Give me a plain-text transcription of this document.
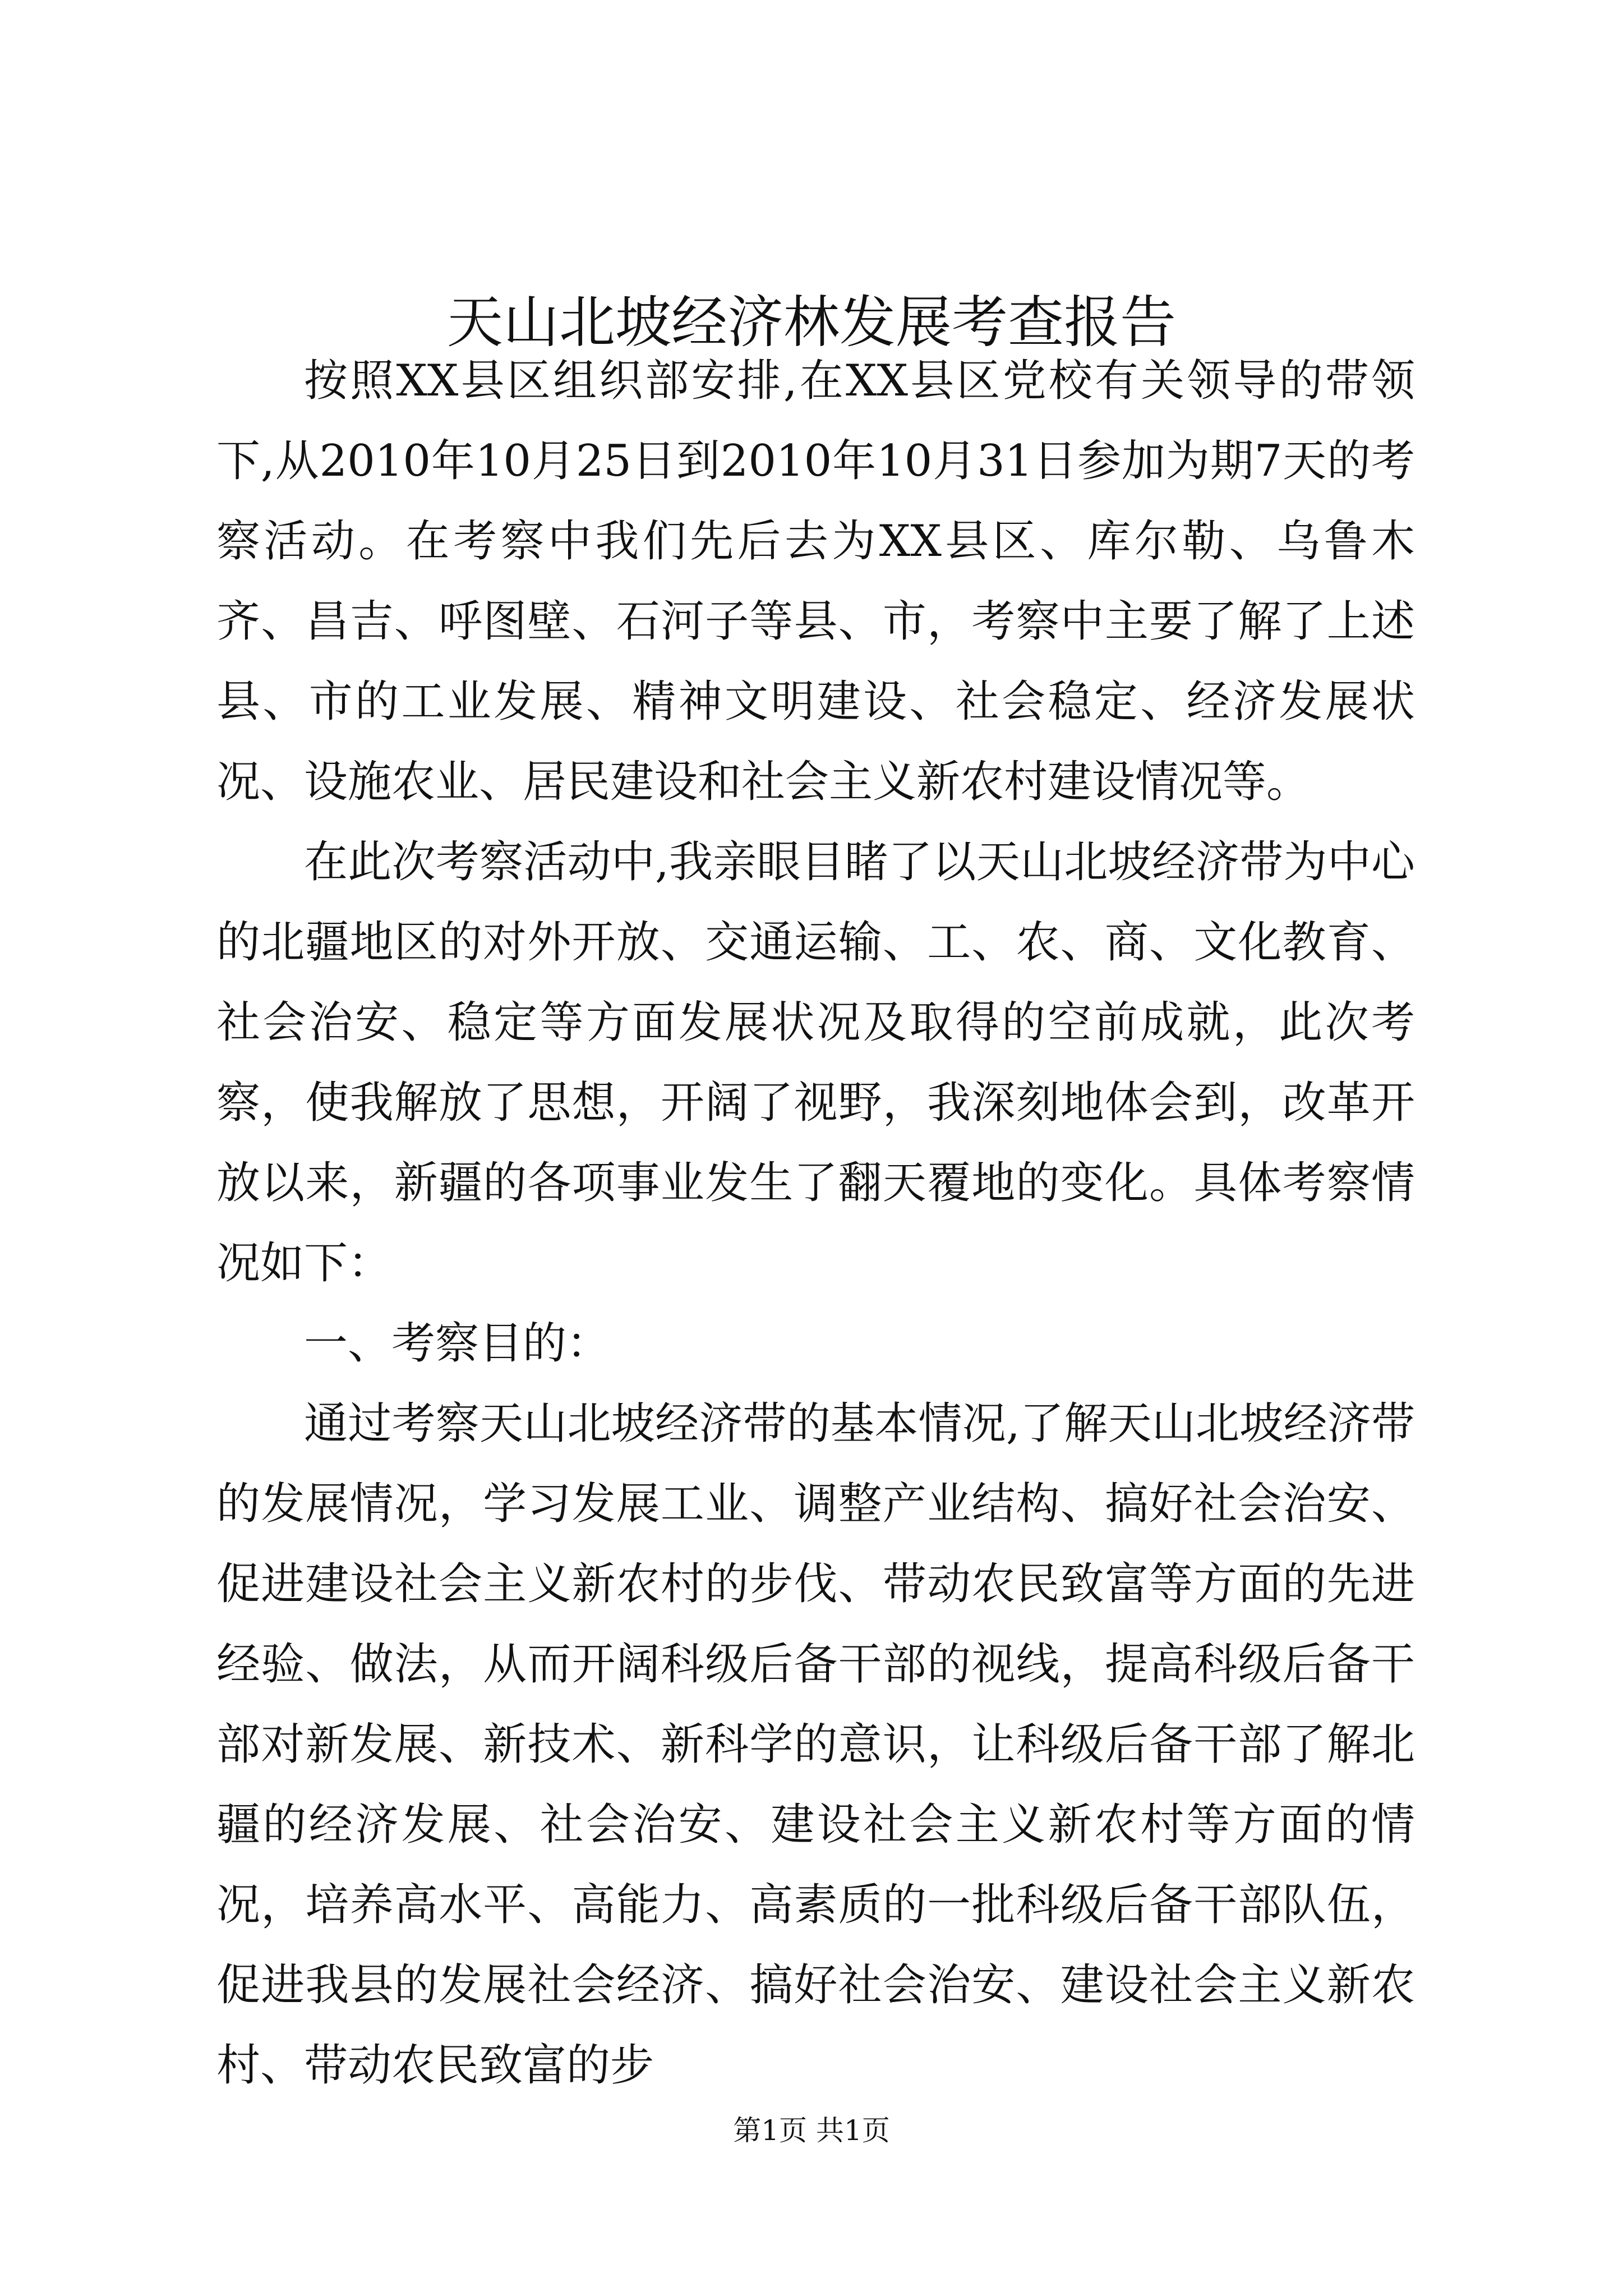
天山北坡经济林发展考查报告

按照XX县区组织部安排,在XX县区党校有关领导的带领下,从2010年10月25日到2010年10月31日参加为期7天的考察活动。在考察中我们先后去为XX县区、库尔勒、乌鲁木齐、昌吉、呼图壁、石河子等县、市，考察中主要了解了上述县、市的工业发展、精神文明建设、社会稳定、经济发展状况、设施农业、居民建设和社会主义新农村建设情况等。

在此次考察活动中,我亲眼目睹了以天山北坡经济带为中心的北疆地区的对外开放、交通运输、工、农、商、文化教育、社会治安、稳定等方面发展状况及取得的空前成就，此次考察，使我解放了思想，开阔了视野，我深刻地体会到，改革开放以来，新疆的各项事业发生了翻天覆地的变化。具体考察情况如下：

一、考察目的：

通过考察天山北坡经济带的基本情况,了解天山北坡经济带的发展情况，学习发展工业、调整产业结构、搞好社会治安、促进建设社会主义新农村的步伐、带动农民致富等方面的先进经验、做法，从而开阔科级后备干部的视线，提高科级后备干部对新发展、新技术、新科学的意识，让科级后备干部了解北疆的经济发展、社会治安、建设社会主义新农村等方面的情况，培养高水平、高能力、高素质的一批科级后备干部队伍，促进我县的发展社会经济、搞好社会治安、建设社会主义新农村、带动农民致富的步

第1页 共1页
